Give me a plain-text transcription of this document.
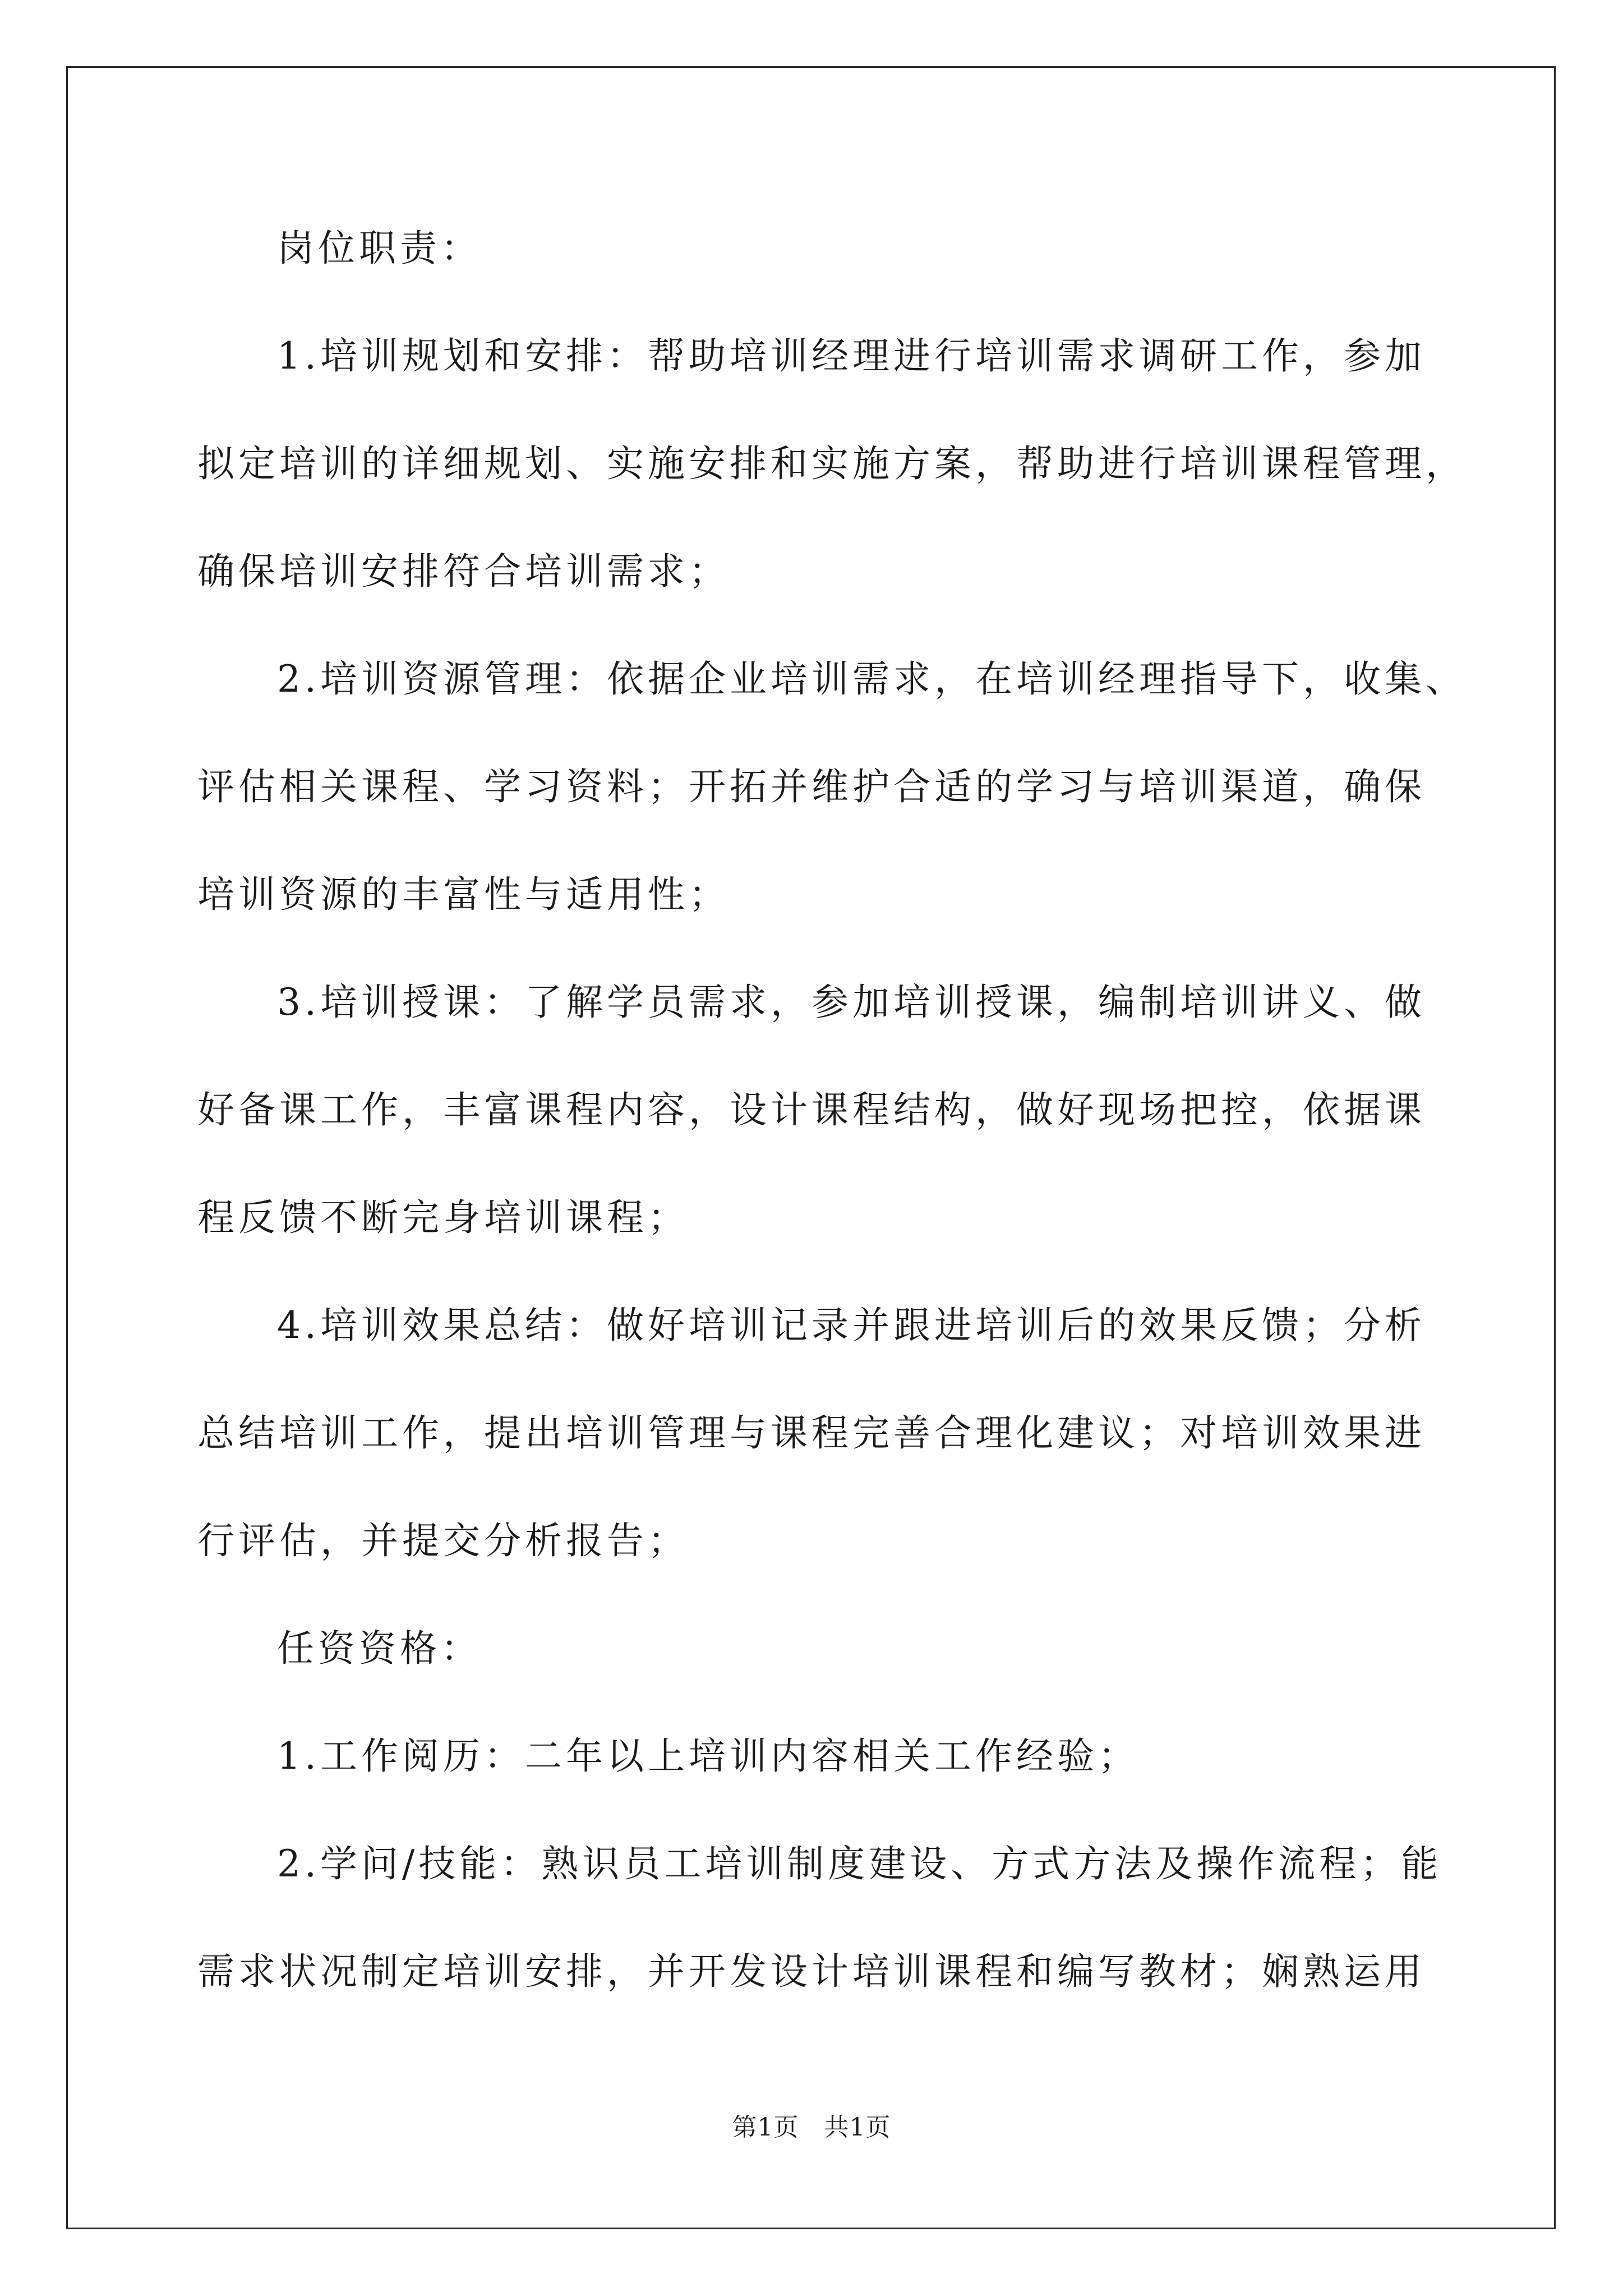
岗位职责：
1.培训规划和安排：帮助培训经理进行培训需求调研工作，参加
拟定培训的详细规划、实施安排和实施方案，帮助进行培训课程管理，
确保培训安排符合培训需求；
2.培训资源管理：依据企业培训需求，在培训经理指导下，收集、
评估相关课程、学习资料；开拓并维护合适的学习与培训渠道，确保
培训资源的丰富性与适用性；
3.培训授课：了解学员需求，参加培训授课，编制培训讲义、做
好备课工作，丰富课程内容，设计课程结构，做好现场把控，依据课
程反馈不断完身培训课程；
4.培训效果总结：做好培训记录并跟进培训后的效果反馈；分析
总结培训工作，提出培训管理与课程完善合理化建议；对培训效果进
行评估，并提交分析报告；
任资资格：
1.工作阅历：二年以上培训内容相关工作经验；
2.学问/技能：熟识员工培训制度建设、方式方法及操作流程；能
需求状况制定培训安排，并开发设计培训课程和编写教材；娴熟运用
第1页　共1页
